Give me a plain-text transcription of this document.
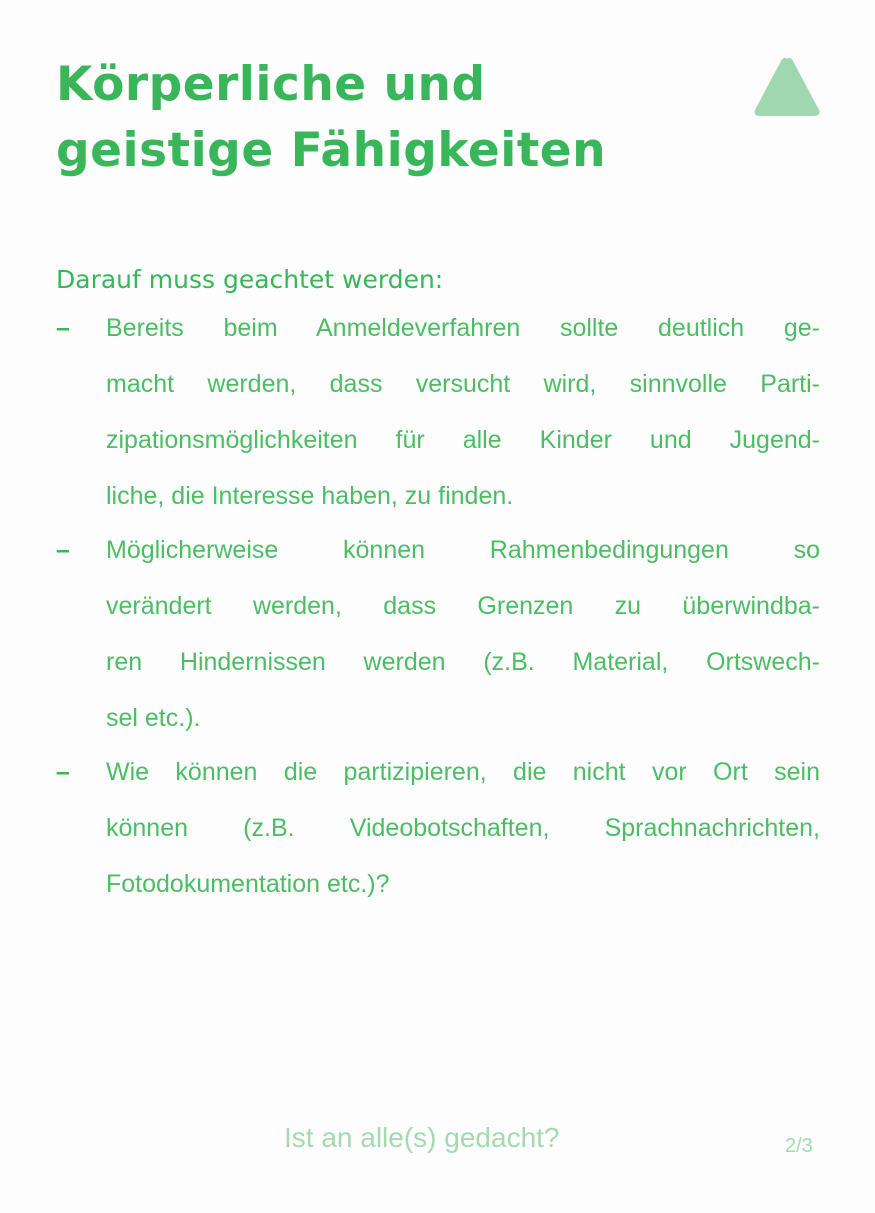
Körperliche und
geistige Fähigkeiten
Darauf muss geachtet werden:
– Bereits beim Anmeldeverfahren sollte deutlich ge-
macht werden, dass versucht wird, sinnvolle Parti-
zipationsmöglichkeiten für alle Kinder und Jugend-
liche, die Interesse haben, zu finden.

– Möglicherweise können Rahmenbedingungen so
verändert werden, dass Grenzen zu überwindba-
ren Hindernissen werden (z.B. Material, Ortswech-
sel etc.).

– Wie können die partizipieren, die nicht vor Ort sein
können (z.B. Videobotschaften, Sprachnachrichten,
Fotodokumentation etc.)?

Ist an alle(s) gedacht?	2/3
